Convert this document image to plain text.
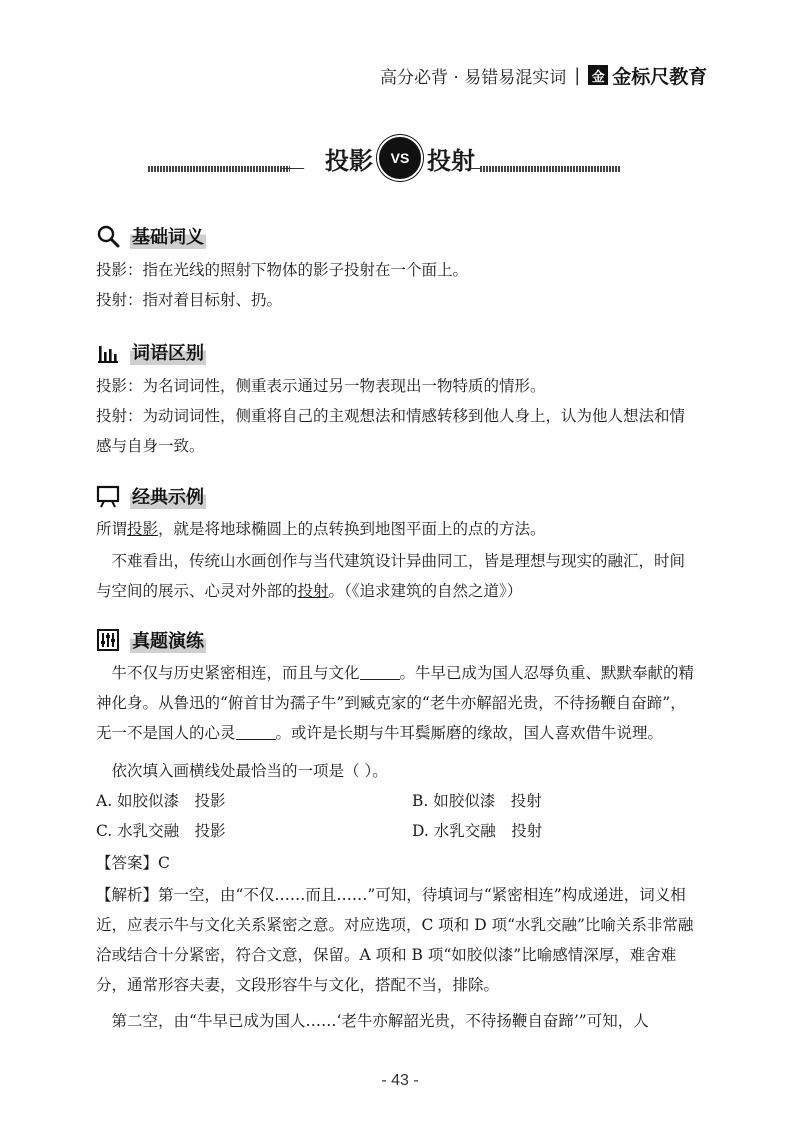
高分必背 · 易错易混实词 | 金 金标尺教育
投影	VS 投射
基础词义
投影：指在光线的照射下物体的影子投射在一个面上。
投射：指对着目标射、扔。
词语区别
投影：为名词词性，侧重表示通过另一物表现出一物特质的情形。
投射：为动词词性，侧重将自己的主观想法和情感转移到他人身上，认为他人想法和情感与自身一致。
经典示例
所谓投影，就是将地球椭圆上的点转换到地图平面上的点的方法。
　不难看出，传统山水画创作与当代建筑设计异曲同工，皆是理想与现实的融汇，时间与空间的展示、心灵对外部的投射。（《追求建筑的自然之道》）
真题演练
　牛不仅与历史紧密相连，而且与文化	。牛早已成为国人忍辱负重、默默奉献的精神化身。从鲁迅的“俯首甘为孺子牛”到臧克家的“老牛亦解韶光贵，不待扬鞭自奋蹄”，无一不是国人的心灵	。或许是长期与牛耳鬓厮磨的缘故，国人喜欢借牛说理。
　依次填入画横线处最恰当的一项是（ ）。
A. 如胶似漆　投影	B. 如胶似漆　投射
C. 水乳交融　投影	D. 水乳交融　投射
【答案】C
【解析】第一空，由“不仅……而且……”可知，待填词与“紧密相连”构成递进，词义相近，应表示牛与文化关系紧密之意。对应选项，C 项和 D 项“水乳交融”比喻关系非常融洽或结合十分紧密，符合文意，保留。A 项和 B 项“如胶似漆”比喻感情深厚，难舍难分，通常形容夫妻，文段形容牛与文化，搭配不当，排除。
　第二空，由“牛早已成为国人……‘老牛亦解韶光贵，不待扬鞭自奋蹄’”可知，人
- 43 -
